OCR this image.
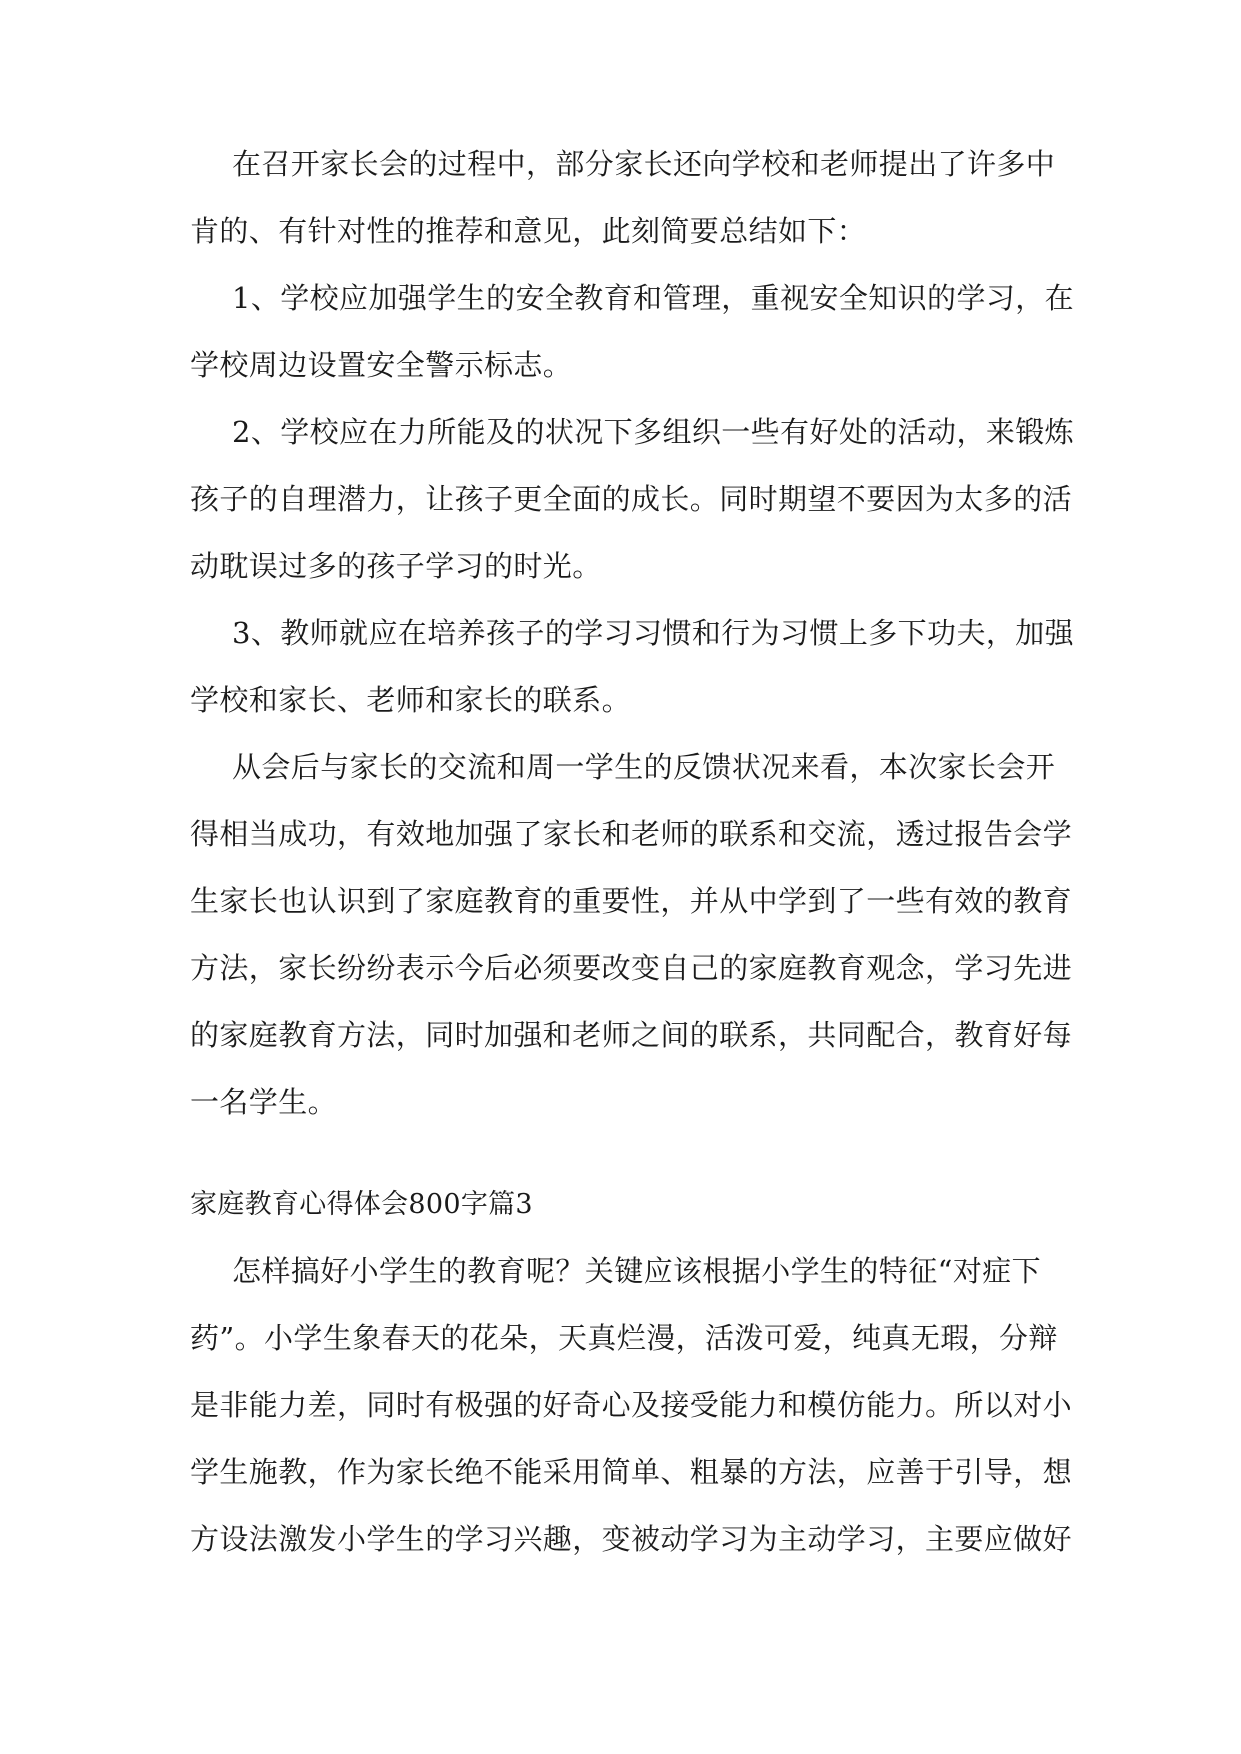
在召开家长会的过程中，部分家长还向学校和老师提出了许多中
肯的、有针对性的推荐和意见，此刻简要总结如下：
1、学校应加强学生的安全教育和管理，重视安全知识的学习，在
学校周边设置安全警示标志。
2、学校应在力所能及的状况下多组织一些有好处的活动，来锻炼
孩子的自理潜力，让孩子更全面的成长。同时期望不要因为太多的活
动耽误过多的孩子学习的时光。
3、教师就应在培养孩子的学习习惯和行为习惯上多下功夫，加强
学校和家长、老师和家长的联系。
从会后与家长的交流和周一学生的反馈状况来看，本次家长会开
得相当成功，有效地加强了家长和老师的联系和交流，透过报告会学
生家长也认识到了家庭教育的重要性，并从中学到了一些有效的教育
方法，家长纷纷表示今后必须要改变自己的家庭教育观念，学习先进
的家庭教育方法，同时加强和老师之间的联系，共同配合，教育好每
一名学生。
家庭教育心得体会800字篇3
怎样搞好小学生的教育呢？关键应该根据小学生的特征“对症下
药”。小学生象春天的花朵，天真烂漫，活泼可爱，纯真无瑕，分辩
是非能力差，同时有极强的好奇心及接受能力和模仿能力。所以对小
学生施教，作为家长绝不能采用简单、粗暴的方法，应善于引导，想
方设法激发小学生的学习兴趣，变被动学习为主动学习，主要应做好
